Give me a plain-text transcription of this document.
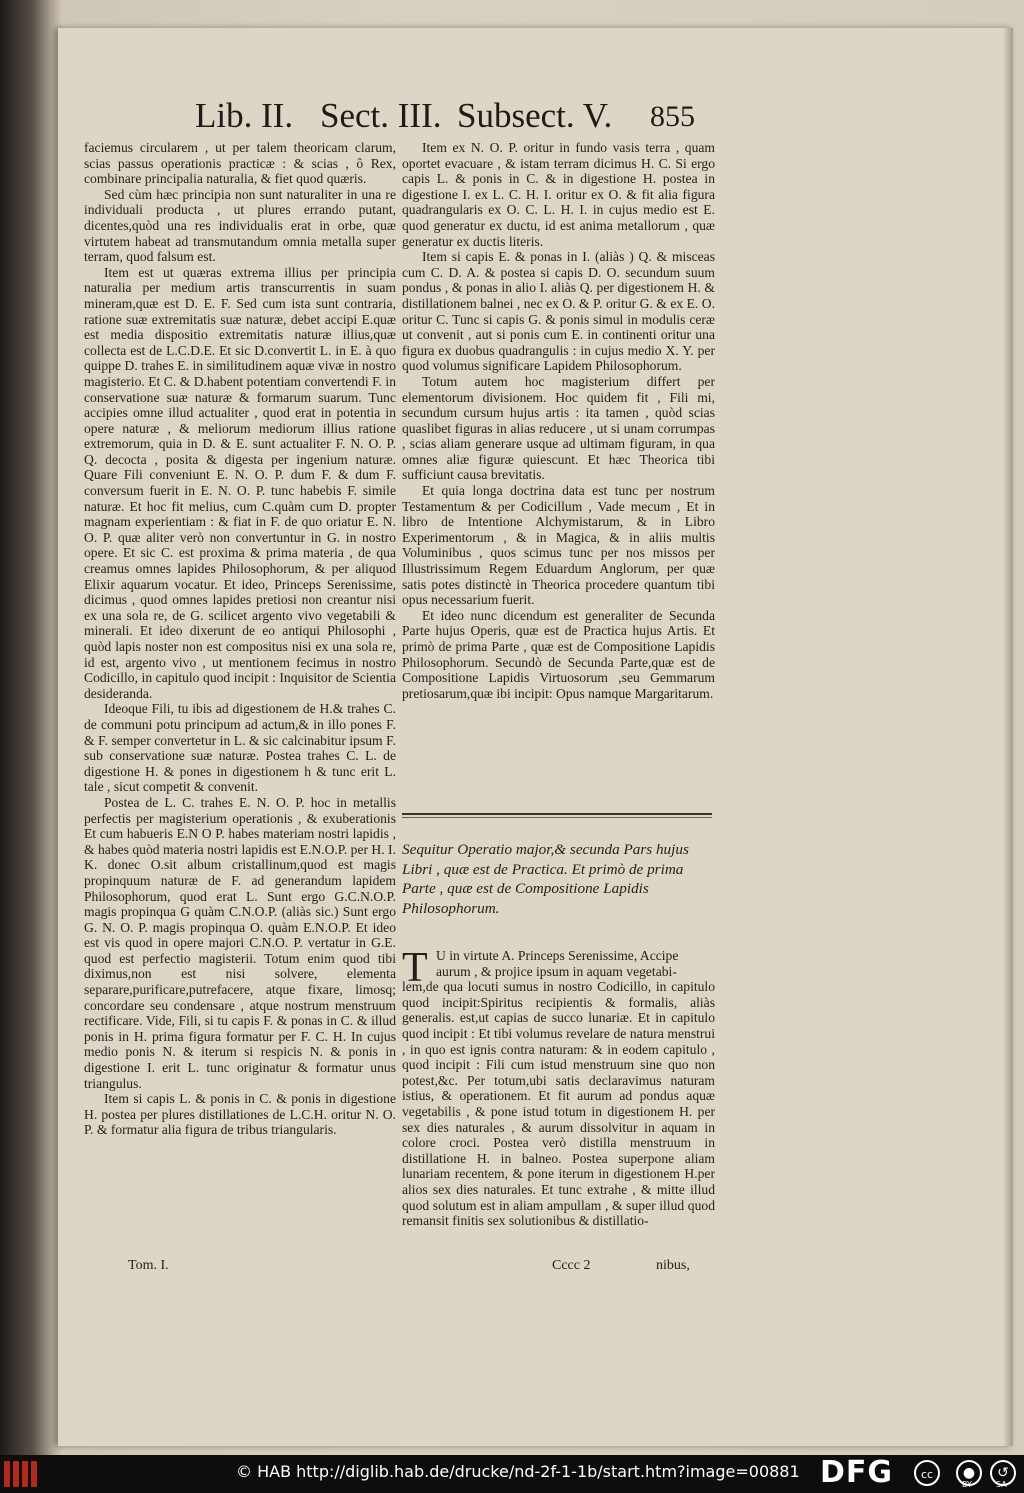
Lib. II. Sect. III. Subsect. V. 855

faciemus circularem , ut per talem theoricam clarum, scias passus operationis practicæ : & scias , ô Rex, combinare principalia naturalia, & fiet quod quæris.

Sed cùm hæc principia non sunt naturaliter in una re individuali producta , ut plures errando putant, dicentes,quòd una res individualis erat in orbe, quæ virtutem habeat ad transmutandum omnia metalla super terram, quod falsum est.

Item est ut quæras extrema illius per principia naturalia per medium artis transcurrentis in suam mineram,quæ est D. E. F. Sed cum ista sunt contraria, ratione suæ extremitatis suæ naturæ, debet accipi E.quæ est media dispositio extremitatis naturæ illius,quæ collecta est de L.C.D.E. Et sic D.convertit L. in E. à quo quippe D. trahes E. in similitudinem aquæ vivæ in nostro magisterio. Et C. & D.habent potentiam convertendi F. in conservatione suæ naturæ & formarum suarum. Tunc accipies omne illud actualiter , quod erat in potentia in opere naturæ , & meliorum mediorum illius ratione extremorum, quia in D. & E. sunt actualiter F. N. O. P. Q. decocta , posita & digesta per ingenium naturæ. Quare Fili conveniunt E. N. O. P. dum F. & dum F. conversum fuerit in E. N. O. P. tunc habebis F. simile naturæ. Et hoc fit melius, cum C.quàm cum D. propter magnam experientiam : & fiat in F. de quo oriatur E. N. O. P. quæ aliter verò non convertuntur in G. in nostro opere. Et sic C. est proxima & prima materia , de qua creamus omnes lapides Philosophorum, & per aliquod Elixir aquarum vocatur. Et ideo, Princeps Serenissime, dicimus , quod omnes lapides pretiosi non creantur nisi ex una sola re, de G. scilicet argento vivo vegetabili & minerali. Et ideo dixerunt de eo antiqui Philosophi , quòd lapis noster non est compositus nisi ex una sola re, id est, argento vivo , ut mentionem fecimus in nostro Codicillo, in capitulo quod incipit : Inquisitor de Scientia desideranda.

Ideoque Fili, tu ibis ad digestionem de H.& trahes C. de communi potu principum ad actum,& in illo pones F. & F. semper convertetur in L. & sic calcinabitur ipsum F. sub conservatione suæ naturæ. Postea trahes C. L. de digestione H. & pones in digestionem h & tunc erit L. tale , sicut competit & convenit.

Postea de L. C. trahes E. N. O. P. hoc in metallis perfectis per magisterium operationis , & exuberationis Et cum habueris E.N O P. habes materiam nostri lapidis , & habes quòd materia nostri lapidis est E.N.O.P. per H. I. K. donec O.sit album cristallinum,quod est magis propinquum naturæ de F. ad generandum lapidem Philosophorum, quod erat L. Sunt ergo G.C.N.O.P. magis propinqua G quàm C.N.O.P. (aliàs sic.) Sunt ergo G. N. O. P. magis propinqua O. quàm E.N.O.P. Et ideo est vis quod in opere majori C.N.O. P. vertatur in G.E. quod est perfectio magisterii. Totum enim quod tibi diximus,non est nisi solvere, elementa separare,purificare,putrefacere, atque fixare, limosq; concordare seu condensare , atque nostrum menstruum rectificare. Vide, Fili, si tu capis F. & ponas in C. & illud ponis in H. prima figura formatur per F. C. H. In cujus medio ponis N. & iterum si respicis N. & ponis in digestione I. erit L. tunc originatur & formatur unus triangulus.

Item si capis L. & ponis in C. & ponis in digestione H. postea per plures distillationes de L.C.H. oritur N. O. P. & formatur alia figura de tribus triangularis.

Item ex N. O. P. oritur in fundo vasis terra , quam oportet evacuare , & istam terram dicimus H. C. Si ergo capis L. & ponis in C. & in digestione H. postea in digestione I. ex L. C. H. I. oritur ex O. & fit alia figura quadrangularis ex O. C. L. H. I. in cujus medio est E. quod generatur ex ductu, id est anima metallorum , quæ generatur ex ductis literis.

Item si capis E. & ponas in I. (aliàs ) Q. & misceas cum C. D. A. & postea si capis D. O. secundum suum pondus , & ponas in alio I. aliàs Q. per digestionem H. & distillationem balnei , nec ex O. & P. oritur G. & ex E. O. oritur C. Tunc si capis G. & ponis simul in modulis ceræ ut convenit , aut si ponis cum E. in continenti oritur una figura ex duobus quadrangulis : in cujus medio X. Y. per quod volumus significare Lapidem Philosophorum.

Totum autem hoc magisterium differt per elementorum divisionem. Hoc quidem fit , Fili mi, secundum cursum hujus artis : ita tamen , quòd scias quaslibet figuras in alias reducere , ut si unam corrumpas , scias aliam generare usque ad ultimam figuram, in qua omnes aliæ figuræ quiescunt. Et hæc Theorica tibi sufficiunt causa brevitatis.

Et quia longa doctrina data est tunc per nostrum Testamentum & per Codicillum , Vade mecum , Et in libro de Intentione Alchymistarum, & in Libro Experimentorum , & in Magica, & in aliis multis Voluminibus , quos scimus tunc per nos missos per Illustrissimum Regem Eduardum Anglorum, per quæ satis potes distinctè in Theorica procedere quantum tibi opus necessarium fuerit.

Et ideo nunc dicendum est generaliter de Secunda Parte hujus Operis, quæ est de Practica hujus Artis. Et primò de prima Parte , quæ est de Compositione Lapidis Philosophorum. Secundò de Secunda Parte,quæ est de Compositione Lapidis Virtuosorum ,seu Gemmarum pretiosarum,quæ ibi incipit: Opus namque Margaritarum.

Sequitur Operatio major,& secunda Pars hujus Libri , quæ est de Practica. Et primò de prima Parte , quæ est de Compositione Lapidis Philosophorum.
T U in virtute A. Princeps Serenissime, Accipe

aurum , & projice ipsum in aquam vegetabi-

lem,de qua locuti sumus in nostro Codicillo, in capitulo quod incipit:Spiritus recipientis & formalis, aliàs generalis. est,ut capias de succo lunariæ. Et in capitulo quod incipit : Et tibi volumus revelare de natura menstrui , in quo est ignis contra naturam: & in eodem capitulo , quod incipit : Fili cum istud menstruum sine quo non potest,&c. Per totum,ubi satis declaravimus naturam istius, & operationem. Et fit aurum ad pondus aquæ vegetabilis , & pone istud totum in digestionem H. per sex dies naturales , & aurum dissolvitur in aquam in colore croci. Postea verò distilla menstruum in distillatione H. in balneo. Postea superpone aliam lunariam recentem, & pone iterum in digestionem H.per alios sex dies naturales. Et tunc extrahe , & mitte illud quod solutum est in aliam ampullam , & super illud quod remansit finitis sex solutionibus & distillatio-

Tom. I.	Cccc 2	nibus,
© HAB http://diglib.hab.de/drucke/nd-2f-1-1b/start.htm?image=00881 DFG	cc	●	↺
BY	SA
